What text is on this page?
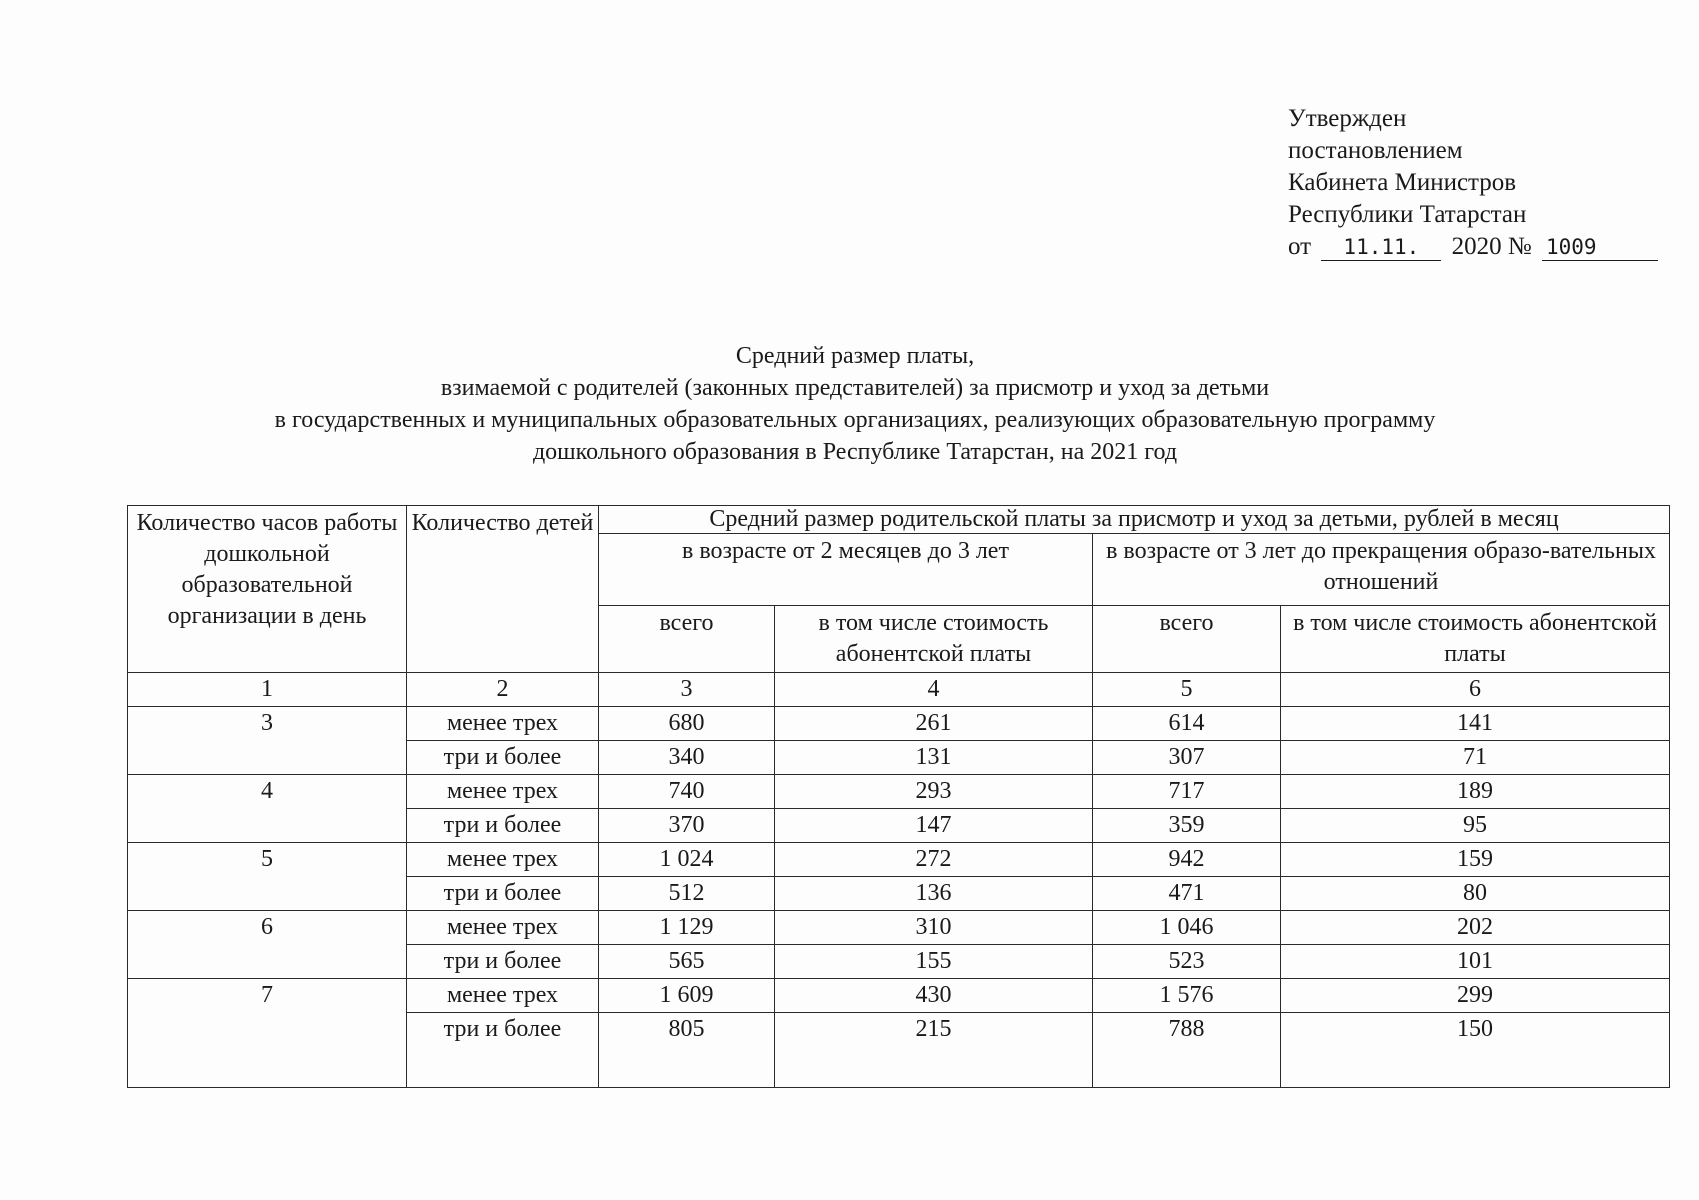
Утвержден
постановлением
Кабинета Министров
Республики Татарстан
от 11.11. 2020 № 1009
Средний размер платы,
взимаемой с родителей (законных представителей) за присмотр и уход за детьми
в государственных и муниципальных образовательных организациях, реализующих образовательную программу
дошкольного образования в Республике Татарстан, на 2021 год
Количество часов работы дошкольной образовательной организации в день	Количество детей	Средний размер родительской платы за присмотр и уход за детьми, рублей в месяц			
		в возрасте от 2 месяцев до 3 лет		в возрасте от 3 лет до прекращения образо-вательных отношений	
		всего	в том числе стоимость абонентской платы	всего	в том числе стоимость абонентской платы
1	2	3	4	5	6
3	менее трех	680	261	614	141
	три и более	340	131	307	71
4	менее трех	740	293	717	189
	три и более	370	147	359	95
5	менее трех	1 024	272	942	159
	три и более	512	136	471	80
6	менее трех	1 129	310	1 046	202
	три и более	565	155	523	101
7	менее трех	1 609	430	1 576	299
	три и более	805	215	788	150
